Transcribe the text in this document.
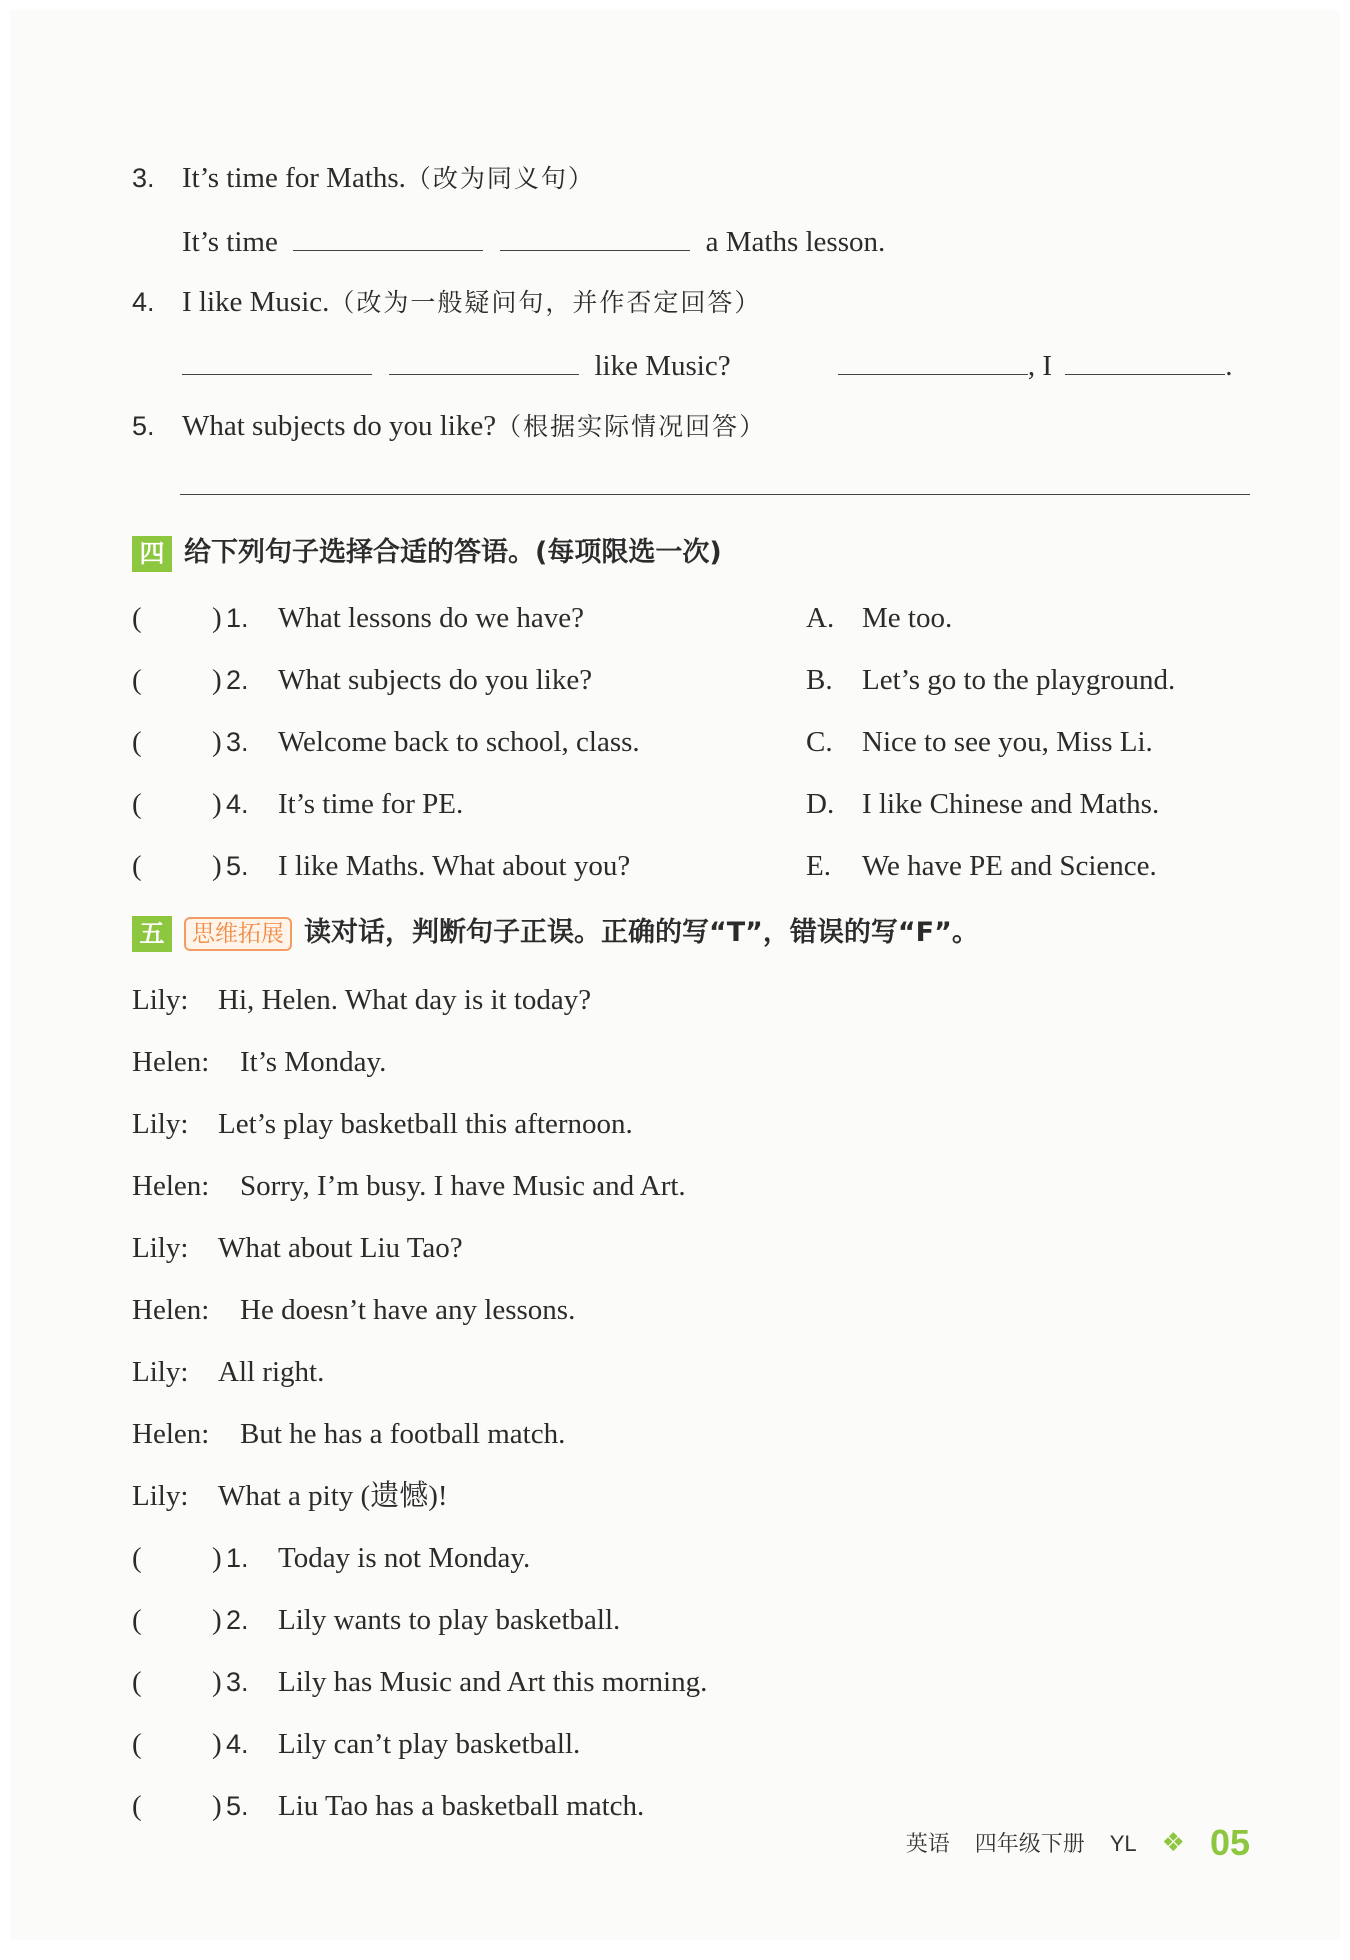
3. It’s time for Maths.（改为同义句）
It’s time	a Maths lesson.
4. I like Music.（改为一般疑问句，并作否定回答）
like Music?	, I	.
5. What subjects do you like?（根据实际情况回答）
四 给下列句子选择合适的答语。(每项限选一次)
( ) 1.	What lessons do we have?	A. Me too.
( ) 2.	What subjects do you like?	B. Let’s go to the playground.
( ) 3.	Welcome back to school, class.	C. Nice to see you, Miss Li.
( ) 4.	It’s time for PE.	D. I like Chinese and Maths.
( ) 5.	I like Maths. What about you?	E. We have PE and Science.
五 思维拓展 读对话，判断句子正误。正确的写“T”，错误的写“F”。
Lily: Hi, Helen. What day is it today?
Helen: It’s Monday.
Lily: Let’s play basketball this afternoon.
Helen: Sorry, I’m busy. I have Music and Art.
Lily: What about Liu Tao?
Helen: He doesn’t have any lessons.
Lily: All right.
Helen: But he has a football match.
Lily: What a pity (遗憾)!
( ) 1.	Today is not Monday.
( ) 2.	Lily wants to play basketball.
( ) 3.	Lily has Music and Art this morning.
( ) 4.	Lily can’t play basketball.
( ) 5.	Liu Tao has a basketball match.
英语 四年级下册 YL ❖ 05
